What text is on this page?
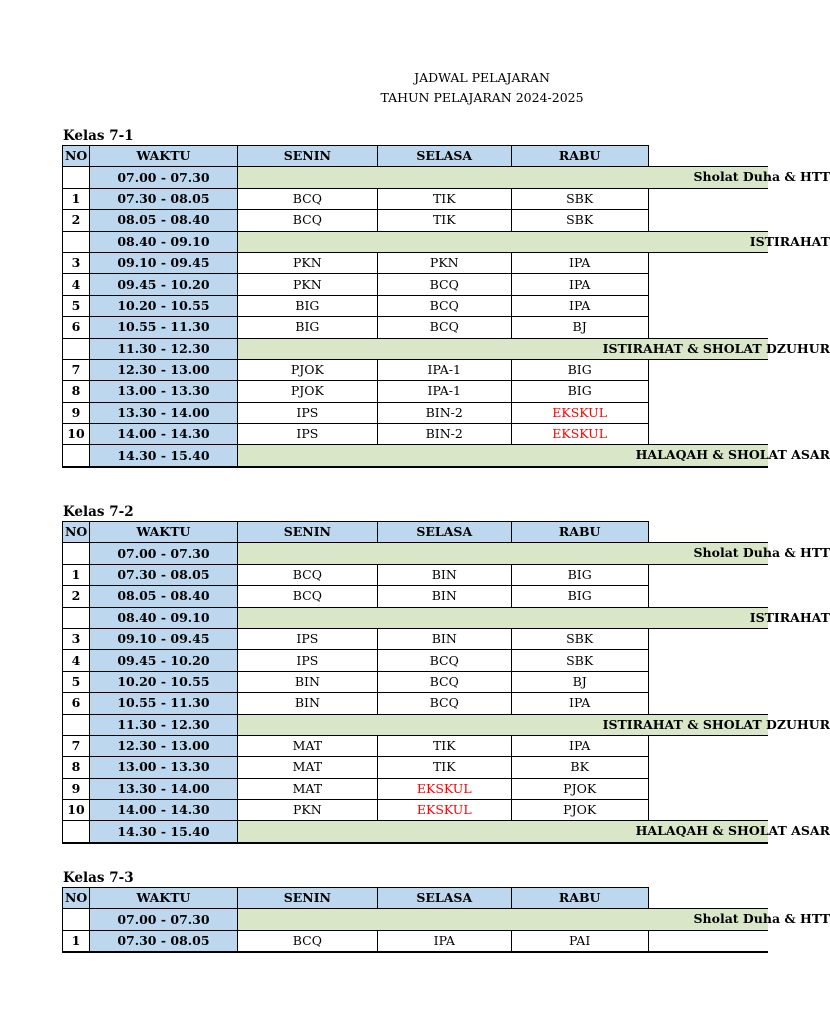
JADWAL PELAJARAN
TAHUN PELAJARAN 2024-2025
Kelas 7-1
NO	WAKTU	SENIN	SELASA	RABU	
	07.00 - 07.30	Sholat Duha & HTT			

1	07.30 - 08.05	BCQ	TIK	SBK	
2	08.05 - 08.40	BCQ	TIK	SBK	
	08.40 - 09.10	ISTIRAHAT			

3	09.10 - 09.45	PKN	PKN	IPA	
4	09.45 - 10.20	PKN	BCQ	IPA	
5	10.20 - 10.55	BIG	BCQ	IPA	
6	10.55 - 11.30	BIG	BCQ	BJ	
	11.30 - 12.30	ISTIRAHAT & SHOLAT DZUHUR			

7	12.30 - 13.00	PJOK	IPA-1	BIG	
8	13.00 - 13.30	PJOK	IPA-1	BIG	
9	13.30 - 14.00	IPS	BIN-2	EKSKUL	
10	14.00 - 14.30	IPS	BIN-2	EKSKUL	
	14.30 - 15.40	HALAQAH & SHOLAT ASAR			
Kelas 7-2
NO	WAKTU	SENIN	SELASA	RABU	
	07.00 - 07.30	Sholat Duha & HTT			

1	07.30 - 08.05	BCQ	BIN	BIG	
2	08.05 - 08.40	BCQ	BIN	BIG	
	08.40 - 09.10	ISTIRAHAT			

3	09.10 - 09.45	IPS	BIN	SBK	
4	09.45 - 10.20	IPS	BCQ	SBK	
5	10.20 - 10.55	BIN	BCQ	BJ	
6	10.55 - 11.30	BIN	BCQ	IPA	
	11.30 - 12.30	ISTIRAHAT & SHOLAT DZUHUR			

7	12.30 - 13.00	MAT	TIK	IPA	
8	13.00 - 13.30	MAT	TIK	BK	
9	13.30 - 14.00	MAT	EKSKUL	PJOK	
10	14.00 - 14.30	PKN	EKSKUL	PJOK	
	14.30 - 15.40	HALAQAH & SHOLAT ASAR			
Kelas 7-3
NO	WAKTU	SENIN	SELASA	RABU	
	07.00 - 07.30	Sholat Duha & HTT			

1	07.30 - 08.05	BCQ	IPA	PAI	
